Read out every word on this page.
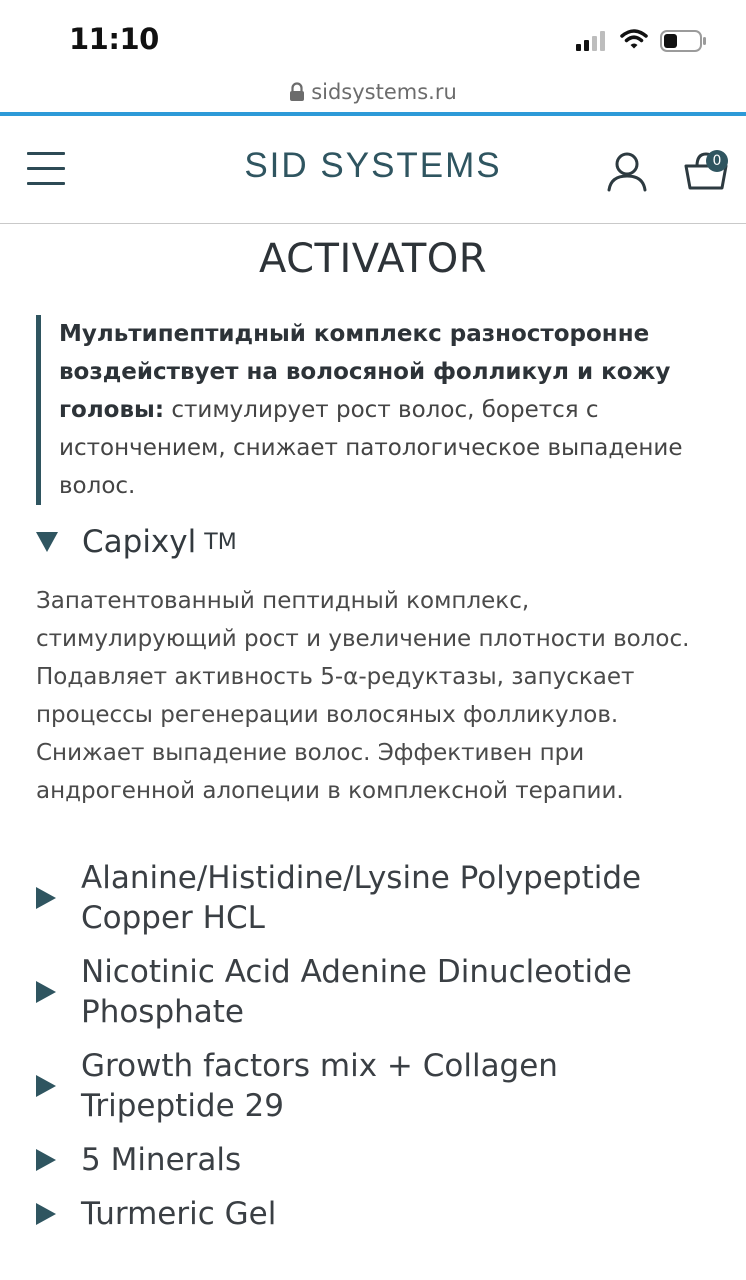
11:10
sidsystems.ru
SID SYSTEMS	0
ACTIVATOR
Мультипептидный комплекс разносторонне воздействует на волосяной фолликул и кожу головы: стимулирует рост волос, борется с истончением, снижает патологическое выпадение волос.
Capixyl TM
Запатентованный пептидный комплекс, стимулирующий рост и увеличение плотности волос. Подавляет активность 5-α-редуктазы, запускает процессы регенерации волосяных фолликулов. Снижает выпадение волос. Эффективен при андрогенной алопеции в комплексной терапии.
Alanine/Histidine/Lysine Polypeptide Copper HCL
Nicotinic Acid Adenine Dinucleotide Phosphate
Growth factors mix + Collagen Tripeptide 29
5 Minerals
Turmeric Gel
